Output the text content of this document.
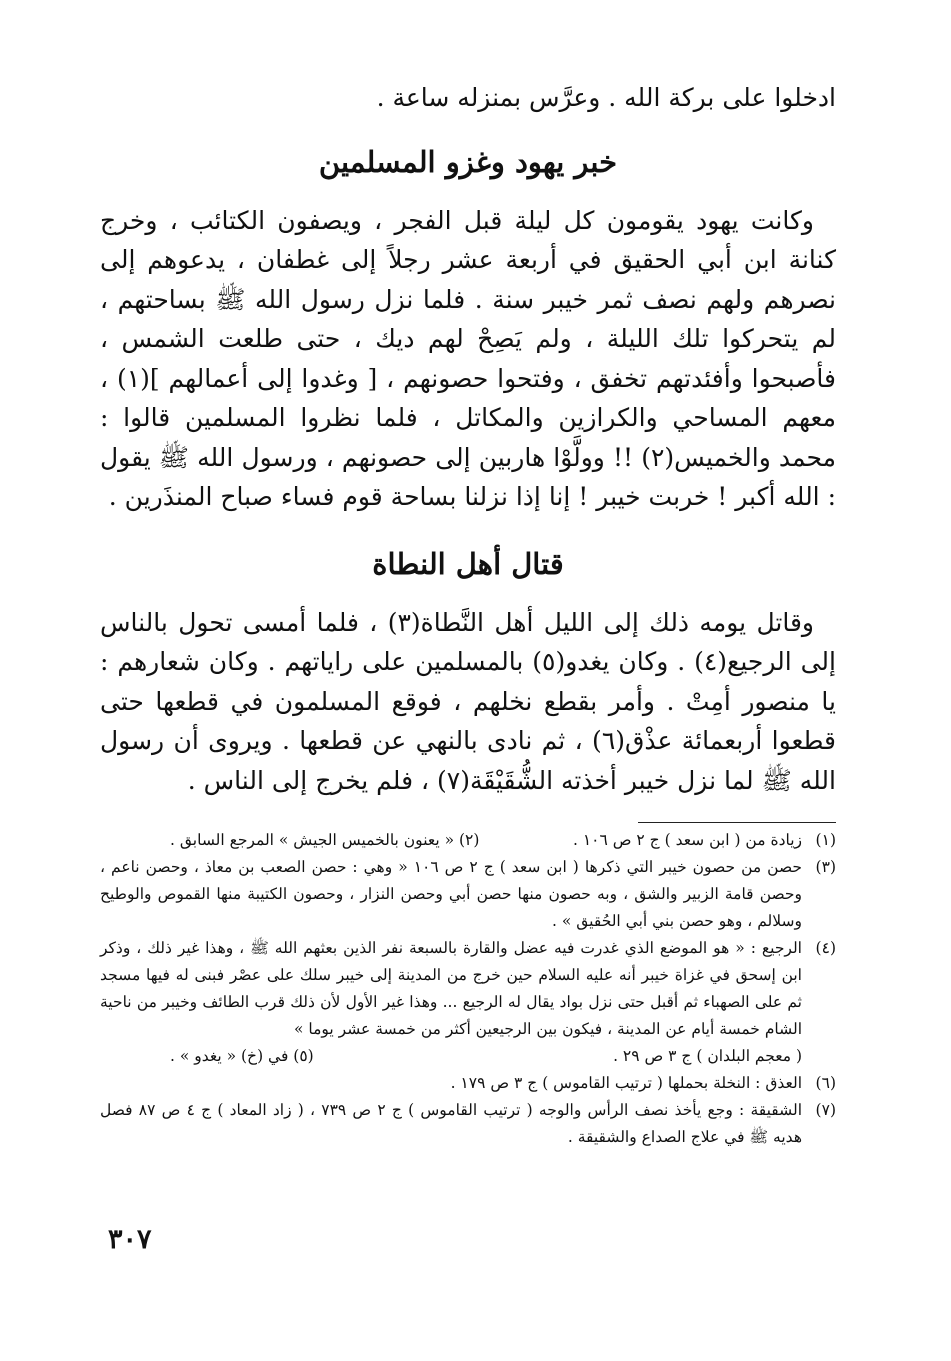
ادخلوا على بركة الله . وعرَّس بمنزله ساعة .

خبر يهود وغزو المسلمين

وكانت يهود يقومون كل ليلة قبل الفجر ، ويصفون الكتائب ، وخرج كنانة ابن أبي الحقيق في أربعة عشر رجلاً إلى غطفان ، يدعوهم إلى نصرهم ولهم نصف ثمر خيبر سنة . فلما نزل رسول الله ﷺ بساحتهم ، لم يتحركوا تلك الليلة ، ولم يَصِحْ لهم ديك ، حتى طلعت الشمس ، فأصبحوا وأفئدتهم تخفق ، وفتحوا حصونهم ، [ وغدوا إلى أعمالهم ](١) ، معهم المساحي والكرازين والمكاتل ، فلما نظروا المسلمين قالوا : محمد والخميس(٢) !! وولَّوْا هاربين إلى حصونهم ، ورسول الله ﷺ يقول : الله أكبر ! خربت خيبر ! إنا إذا نزلنا بساحة قوم فساء صباح المنذَرين .

قتال أهل النطاة

وقاتل يومه ذلك إلى الليل أهل النَّطاة(٣) ، فلما أمسى تحول بالناس إلى الرجيع(٤) . وكان يغدو(٥) بالمسلمين على راياتهم . وكان شعارهم : يا منصور أمِتْ . وأمر بقطع نخلهم ، فوقع المسلمون في قطعها حتى قطعوا أربعمائة عذْق(٦) ، ثم نادى بالنهي عن قطعها . ويروى أن رسول الله ﷺ لما نزل خيبر أخذته الشُّقَيْقَة(٧) ، فلم يخرج إلى الناس .

(١)
زيادة من ( ابن سعد ) ج ٢ ص ١٠٦ .
(٢) « يعنون بالخميس الجيش » المرجع السابق .
(٣)
حصن من حصون خيبر التي ذكرها ( ابن سعد ) ج ٢ ص ١٠٦ « وهي : حصن الصعب بن معاذ ، وحصن ناعم ، وحصن قامة الزبير والشق ، وبه حصون منها حصن أبي وحصن النزار ، وحصون الكتيبة منها القموص والوطيح وسلالم ، وهو حصن بني أبي الحُقيق » .
(٤)
الرجيع : « هو الموضع الذي غدرت فيه عضل والقارة بالسبعة نفر الذين بعثهم الله ﷺ ، وهذا غير ذلك ، وذكر ابن إسحق في غزاة خيبر أنه عليه السلام حين خرج من المدينة إلى خيبر سلك على عصْر فبنى له فيها مسجد ثم على الصهباء ثم أقبل حتى نزل بواد يقال له الرجيع ... وهذا غير الأول لأن ذلك قرب الطائف وخيبر من ناحية الشام خمسة أيام عن المدينة ، فيكون بين الرجيعين أكثر من خمسة عشر يوما »
( معجم البلدان ) ج ٣ ص ٢٩ .
(٥) في (خ) « يغدو » .
(٦)
العذق : النخلة بحملها ( ترتيب القاموس ) ج ٣ ص ١٧٩ .
(٧)
الشقيقة : وجع يأخذ نصف الرأس والوجه ( ترتيب القاموس ) ج ٢ ص ٧٣٩ ، ( زاد المعاد ) ج ٤ ص ٨٧ فصل هديه ﷺ في علاج الصداع والشقيقة .
٣٠٧
